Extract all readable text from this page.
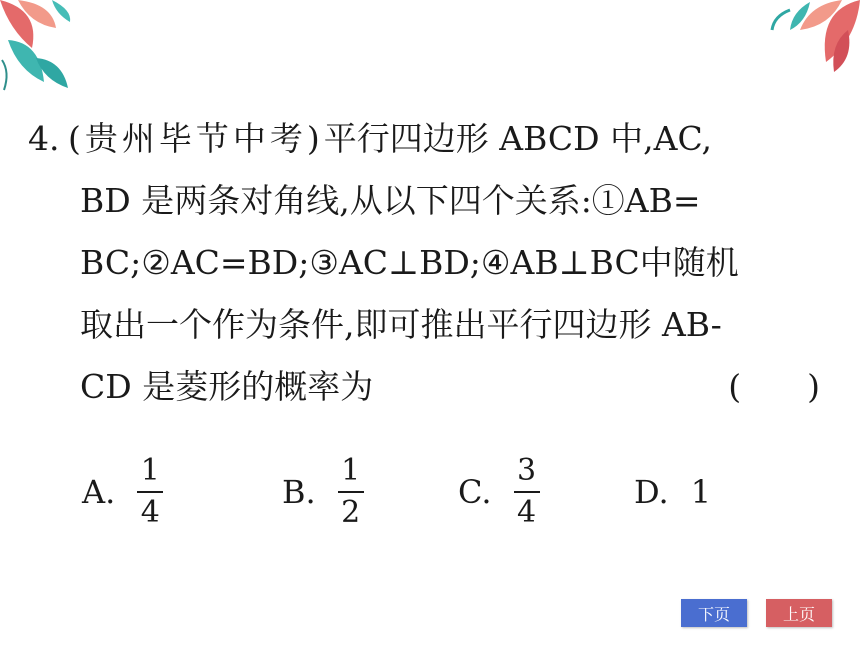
4. (贵州毕节中考)平行四边形 ABCD 中,AC,
BD 是两条对角线,从以下四个关系:①AB=
BC;②AC=BD;③AC⊥BD;④AB⊥BC中随机
取出一个作为条件,即可推出平行四边形 AB-
CD 是菱形的概率为	(　　)
A. $\frac{1}{4}$	B. $\frac{1}{2}$	C. $\frac{3}{4}$	D. 1
下页	上页
